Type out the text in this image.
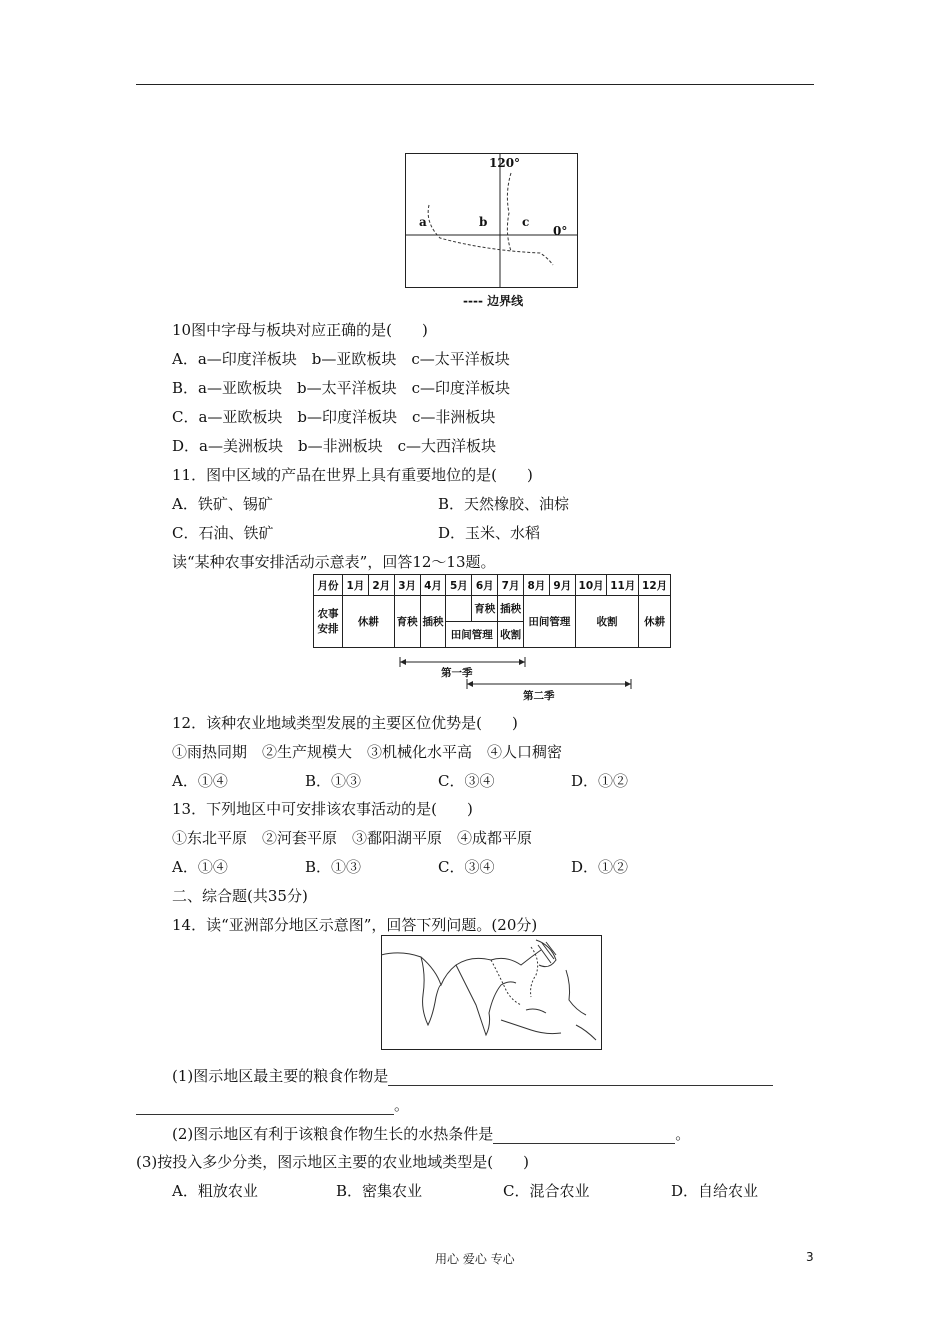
120°
0°
a	b	c
---- 边界线
10图中字母与板块对应正确的是(　　)
A．a—印度洋板块　b—亚欧板块　c—太平洋板块
B．a—亚欧板块　b—太平洋板块　c—印度洋板块
C．a—亚欧板块　b—印度洋板块　c—非洲板块
D．a—美洲板块　b—非洲板块　c—大西洋板块
11．图中区域的产品在世界上具有重要地位的是(　　)
A．铁矿、锡矿	B．天然橡胶、油棕
C．石油、铁矿	D．玉米、水稻
读“某种农事安排活动示意表”，回答12～13题。
月份	1月	2月	3月	4月	5月	6月	7月	8月	9月	10月	11月	12月
农事安排	休耕		育秧	插秧		育秧	插秧	田间管理		收割		休耕
					田间管理		收割					
第一季
第二季
12．该种农业地域类型发展的主要区位优势是(　　)
①雨热同期　②生产规模大　③机械化水平高　④人口稠密
A．①④	B．①③	C．③④	D．①②
13．下列地区中可安排该农事活动的是(　　)
①东北平原　②河套平原　③鄱阳湖平原　④成都平原
A．①④	B．①③	C．③④	D．①②
二、综合题(共35分)
14．读“亚洲部分地区示意图”，回答下列问题。(20分)
(1)图示地区最主要的粮食作物是
。
(2)图示地区有利于该粮食作物生长的水热条件是	。
(3)按投入多少分类，图示地区主要的农业地域类型是(　　)
A．粗放农业	B．密集农业	C．混合农业	D．自给农业
用心 爱心 专心	3
